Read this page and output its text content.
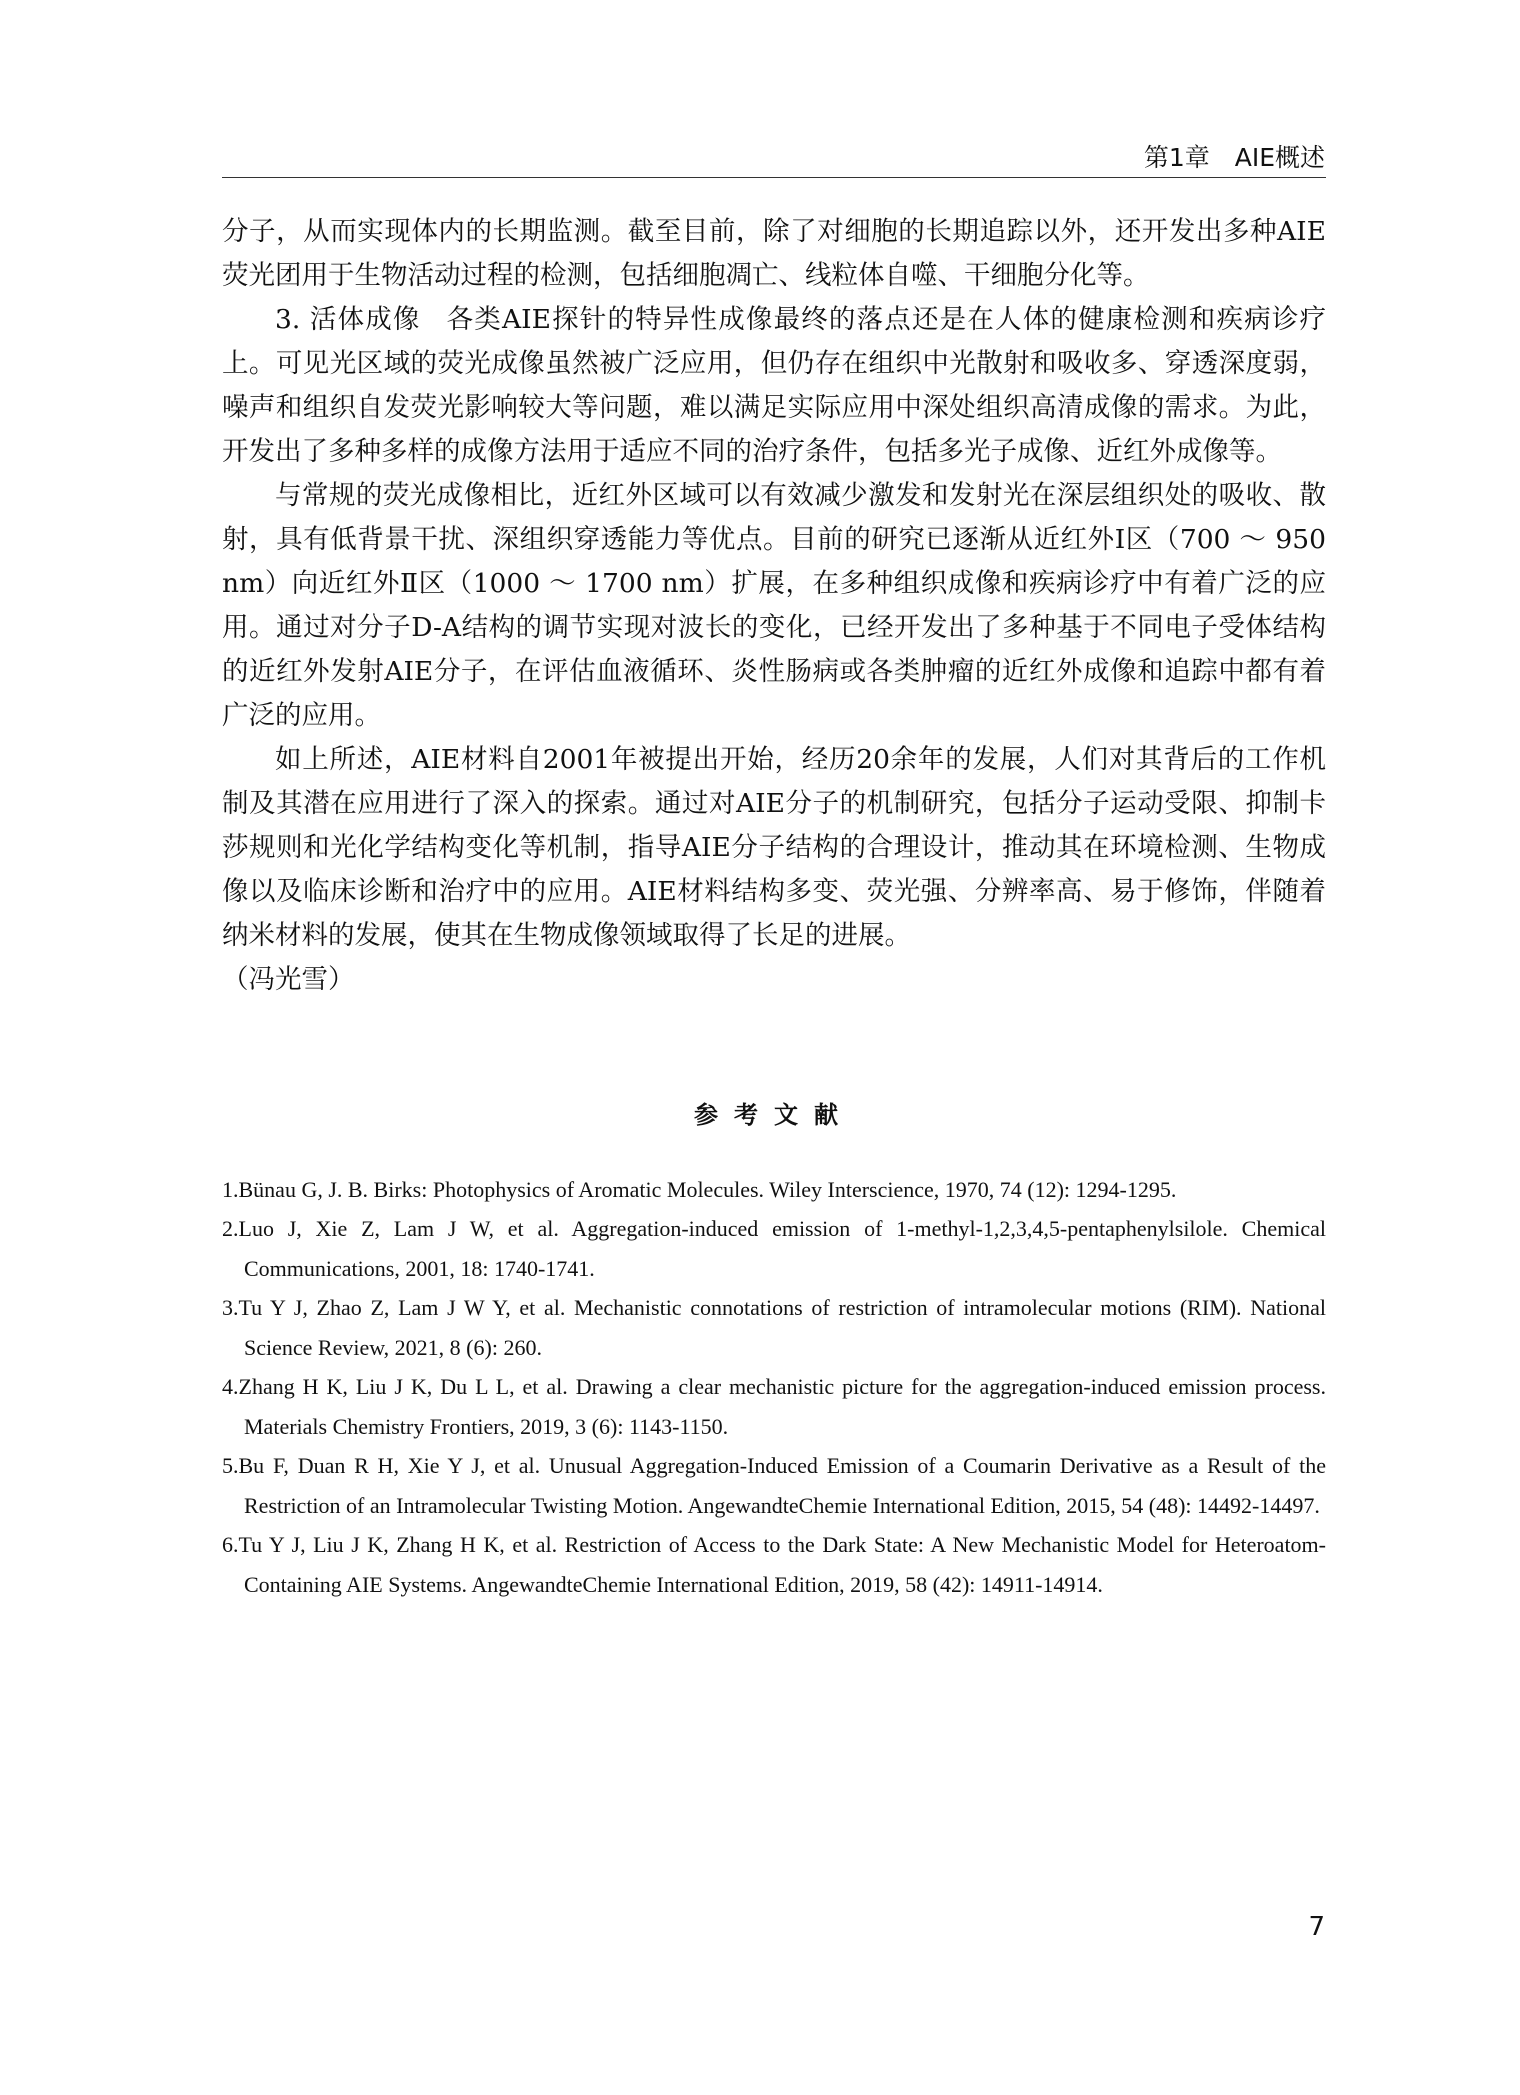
第1章　AIE概述

分子，从而实现体内的长期监测。截至目前，除了对细胞的长期追踪以外，还开发出多种AIE荧光团用于生物活动过程的检测，包括细胞凋亡、线粒体自噬、干细胞分化等。

3. 活体成像 各类AIE探针的特异性成像最终的落点还是在人体的健康检测和疾病诊疗上。可见光区域的荧光成像虽然被广泛应用，但仍存在组织中光散射和吸收多、穿透深度弱，噪声和组织自发荧光影响较大等问题，难以满足实际应用中深处组织高清成像的需求。为此，开发出了多种多样的成像方法用于适应不同的治疗条件，包括多光子成像、近红外成像等。

与常规的荧光成像相比，近红外区域可以有效减少激发和发射光在深层组织处的吸收、散射，具有低背景干扰、深组织穿透能力等优点。目前的研究已逐渐从近红外Ⅰ区（700 ～ 950 nm）向近红外Ⅱ区（1000 ～ 1700 nm）扩展，在多种组织成像和疾病诊疗中有着广泛的应用。通过对分子D-A结构的调节实现对波长的变化，已经开发出了多种基于不同电子受体结构的近红外发射AIE分子，在评估血液循环、炎性肠病或各类肿瘤的近红外成像和追踪中都有着广泛的应用。

如上所述，AIE材料自2001年被提出开始，经历20余年的发展，人们对其背后的工作机制及其潜在应用进行了深入的探索。通过对AIE分子的机制研究，包括分子运动受限、抑制卡莎规则和光化学结构变化等机制，指导AIE分子结构的合理设计，推动其在环境检测、生物成像以及临床诊断和治疗中的应用。AIE材料结构多变、荧光强、分辨率高、易于修饰，伴随着纳米材料的发展，使其在生物成像领域取得了长足的进展。

（冯光雪）

参考文献
1.Bünau G, J. B. Birks: Photophysics of Aromatic Molecules. Wiley Interscience, 1970, 74 (12): 1294-1295.
2.Luo J, Xie Z, Lam J W, et al. Aggregation-induced emission of 1-methyl-1,2,3,4,5-pentaphenylsilole. Chemical Communications, 2001, 18: 1740-1741.
3.Tu Y J, Zhao Z, Lam J W Y, et al. Mechanistic connotations of restriction of intramolecular motions (RIM). National Science Review, 2021, 8 (6): 260.
4.Zhang H K, Liu J K, Du L L, et al. Drawing a clear mechanistic picture for the aggregation-induced emission process. Materials Chemistry Frontiers, 2019, 3 (6): 1143-1150.
5.Bu F, Duan R H, Xie Y J, et al. Unusual Aggregation-Induced Emission of a Coumarin Derivative as a Result of the Restriction of an Intramolecular Twisting Motion. AngewandteChemie International Edition, 2015, 54 (48): 14492-14497.
6.Tu Y J, Liu J K, Zhang H K, et al. Restriction of Access to the Dark State: A New Mechanistic Model for Heteroatom-Containing AIE Systems. AngewandteChemie International Edition, 2019, 58 (42): 14911-14914.
7
